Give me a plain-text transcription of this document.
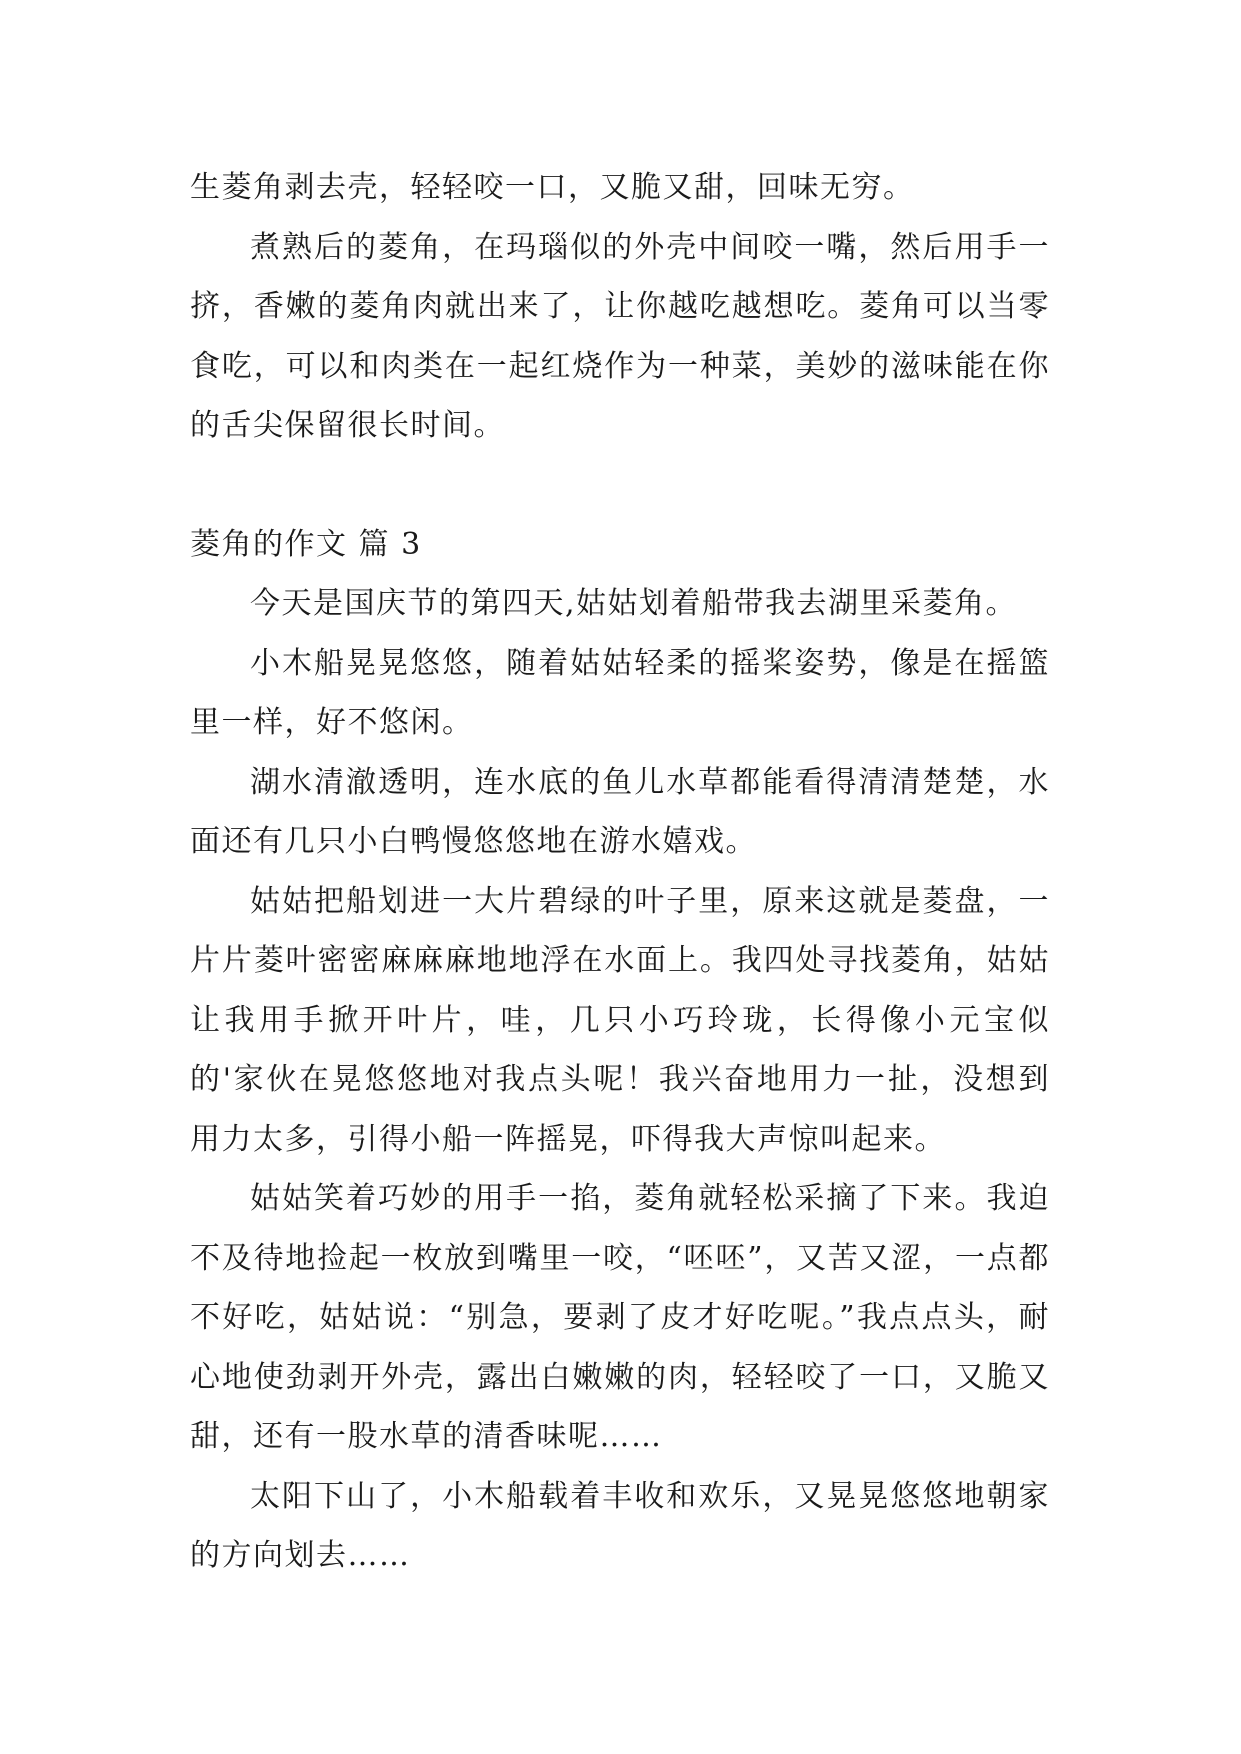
生菱角剥去壳，轻轻咬一口，又脆又甜，回味无穷。

煮熟后的菱角，在玛瑙似的外壳中间咬一嘴，然后用手一挤，香嫩的菱角肉就出来了，让你越吃越想吃。菱角可以当零食吃，可以和肉类在一起红烧作为一种菜，美妙的滋味能在你的舌尖保留很长时间。

菱角的作文 篇 3

今天是国庆节的第四天,姑姑划着船带我去湖里采菱角。

小木船晃晃悠悠，随着姑姑轻柔的摇桨姿势，像是在摇篮里一样，好不悠闲。

湖水清澈透明，连水底的鱼儿水草都能看得清清楚楚，水面还有几只小白鸭慢悠悠地在游水嬉戏。

姑姑把船划进一大片碧绿的叶子里，原来这就是菱盘，一片片菱叶密密麻麻麻地地浮在水面上。我四处寻找菱角，姑姑让我用手掀开叶片，哇，几只小巧玲珑，长得像小元宝似的'家伙在晃悠悠地对我点头呢！我兴奋地用力一扯，没想到用力太多，引得小船一阵摇晃，吓得我大声惊叫起来。

姑姑笑着巧妙的用手一掐，菱角就轻松采摘了下来。我迫不及待地捡起一枚放到嘴里一咬，“呸呸”，又苦又涩，一点都不好吃，姑姑说：“别急，要剥了皮才好吃呢。”我点点头，耐心地使劲剥开外壳，露出白嫩嫩的肉，轻轻咬了一口，又脆又甜，还有一股水草的清香味呢……

太阳下山了，小木船载着丰收和欢乐，又晃晃悠悠地朝家的方向划去……
